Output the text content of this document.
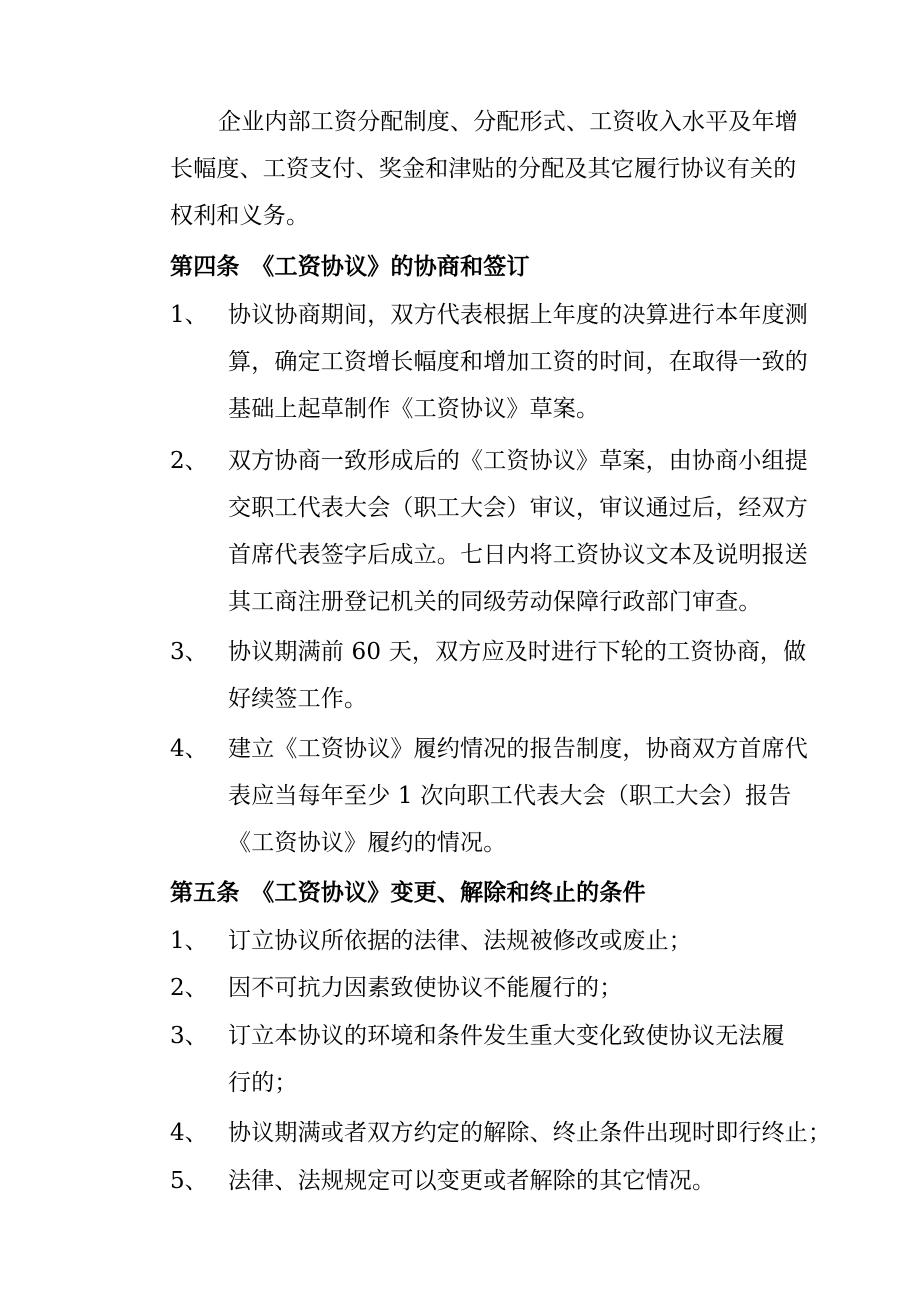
企业内部工资分配制度、分配形式、工资收入水平及年增
长幅度、工资支付、奖金和津贴的分配及其它履行协议有关的
权利和义务。
第四条　《工资协议》的协商和签订
1、 协议协商期间，双方代表根据上年度的决算进行本年度测
算，确定工资增长幅度和增加工资的时间，在取得一致的
基础上起草制作《工资协议》草案。
2、 双方协商一致形成后的《工资协议》草案，由协商小组提
交职工代表大会（职工大会）审议，审议通过后，经双方
首席代表签字后成立。七日内将工资协议文本及说明报送
其工商注册登记机关的同级劳动保障行政部门审查。
3、 协议期满前 60 天，双方应及时进行下轮的工资协商，做
好续签工作。
4、 建立《工资协议》履约情况的报告制度，协商双方首席代
表应当每年至少 1 次向职工代表大会（职工大会）报告
《工资协议》履约的情况。
第五条　《工资协议》变更、解除和终止的条件
1、 订立协议所依据的法律、法规被修改或废止；
2、 因不可抗力因素致使协议不能履行的；
3、 订立本协议的环境和条件发生重大变化致使协议无法履
行的；
4、 协议期满或者双方约定的解除、终止条件出现时即行终止；
5、 法律、法规规定可以变更或者解除的其它情况。
